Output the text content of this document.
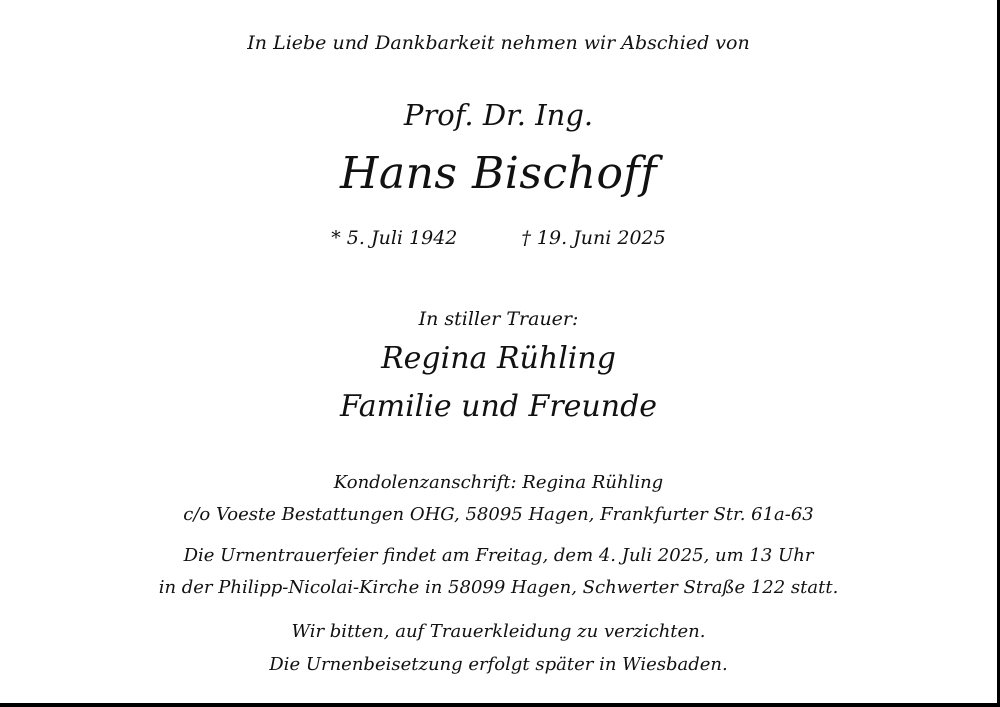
In Liebe und Dankbarkeit nehmen wir Abschied von
Prof. Dr. Ing.
Hans Bischoff
* 5. Juli 1942	† 19. Juni 2025
In stiller Trauer:
Regina Rühling
Familie und Freunde
Kondolenzanschrift: Regina Rühling
c/o Voeste Bestattungen OHG, 58095 Hagen, Frankfurter Str. 61a-63
Die Urnentrauerfeier findet am Freitag, dem 4. Juli 2025, um 13 Uhr
in der Philipp-Nicolai-Kirche in 58099 Hagen, Schwerter Straße 122 statt.
Wir bitten, auf Trauerkleidung zu verzichten.
Die Urnenbeisetzung erfolgt später in Wiesbaden.
